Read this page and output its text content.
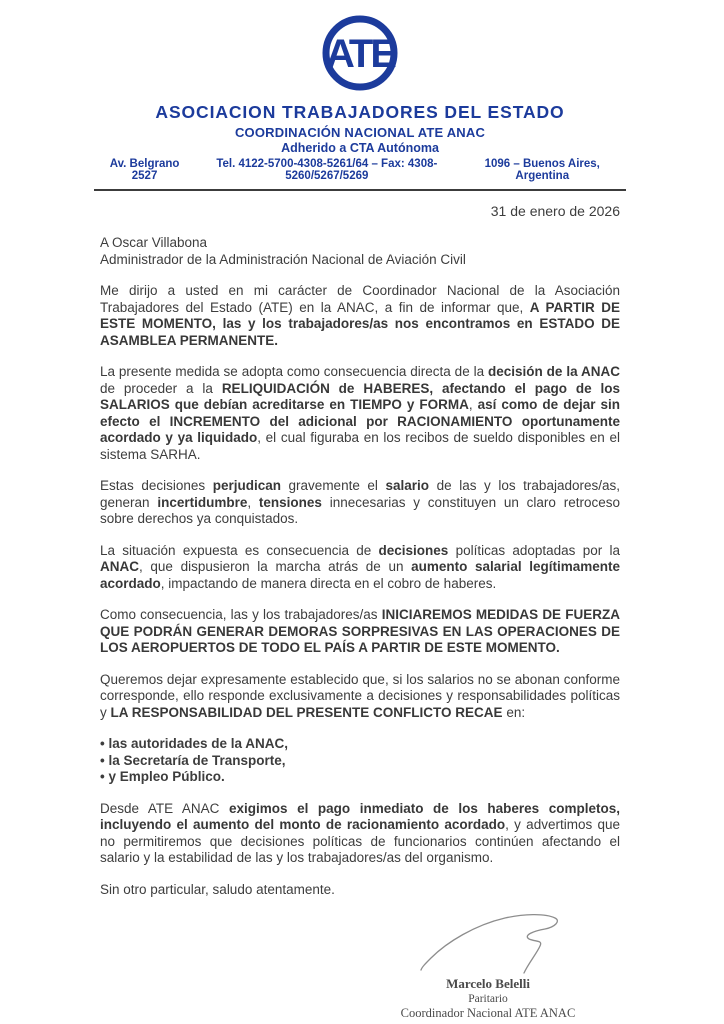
ATE
ASOCIACION TRABAJADORES DEL ESTADO
COORDINACIÓN NACIONAL ATE ANAC
Adherido a CTA Autónoma
Av. Belgrano 2527
Tel. 4122-5700-4308-5261/64 – Fax: 4308-5260/5267/5269
1096 – Buenos Aires, Argentina
31 de enero de 2026
A Oscar Villabona
Administrador de la Administración Nacional de Aviación Civil

Me dirijo a usted en mi carácter de Coordinador Nacional de la Asociación Trabajadores del Estado (ATE) en la ANAC, a fin de informar que, A PARTIR DE ESTE MOMENTO, las y los trabajadores/as nos encontramos en ESTADO DE ASAMBLEA PERMANENTE.

La presente medida se adopta como consecuencia directa de la decisión de la ANAC de proceder a la RELIQUIDACIÓN de HABERES, afectando el pago de los SALARIOS que debían acreditarse en TIEMPO y FORMA, así como de dejar sin efecto el INCREMENTO del adicional por RACIONAMIENTO oportunamente acordado y ya liquidado, el cual figuraba en los recibos de sueldo disponibles en el sistema SARHA.

Estas decisiones perjudican gravemente el salario de las y los trabajadores/as, generan incertidumbre, tensiones innecesarias y constituyen un claro retroceso sobre derechos ya conquistados.

La situación expuesta es consecuencia de decisiones políticas adoptadas por la ANAC, que dispusieron la marcha atrás de un aumento salarial legítimamente acordado, impactando de manera directa en el cobro de haberes.

Como consecuencia, las y los trabajadores/as INICIAREMOS MEDIDAS DE FUERZA QUE PODRÁN GENERAR DEMORAS SORPRESIVAS EN LAS OPERACIONES DE LOS AEROPUERTOS DE TODO EL PAÍS A PARTIR DE ESTE MOMENTO.

Queremos dejar expresamente establecido que, si los salarios no se abonan conforme corresponde, ello responde exclusivamente a decisiones y responsabilidades políticas y LA RESPONSABILIDAD DEL PRESENTE CONFLICTO RECAE en:

• las autoridades de la ANAC,
• la Secretaría de Transporte,
• y Empleo Público.

Desde ATE ANAC exigimos el pago inmediato de los haberes completos, incluyendo el aumento del monto de racionamiento acordado, y advertimos que no permitiremos que decisiones políticas de funcionarios continúen afectando el salario y la estabilidad de las y los trabajadores/as del organismo.

Sin otro particular, saludo atentamente.

Marcelo Belelli
Paritario
Coordinador Nacional ATE ANAC
